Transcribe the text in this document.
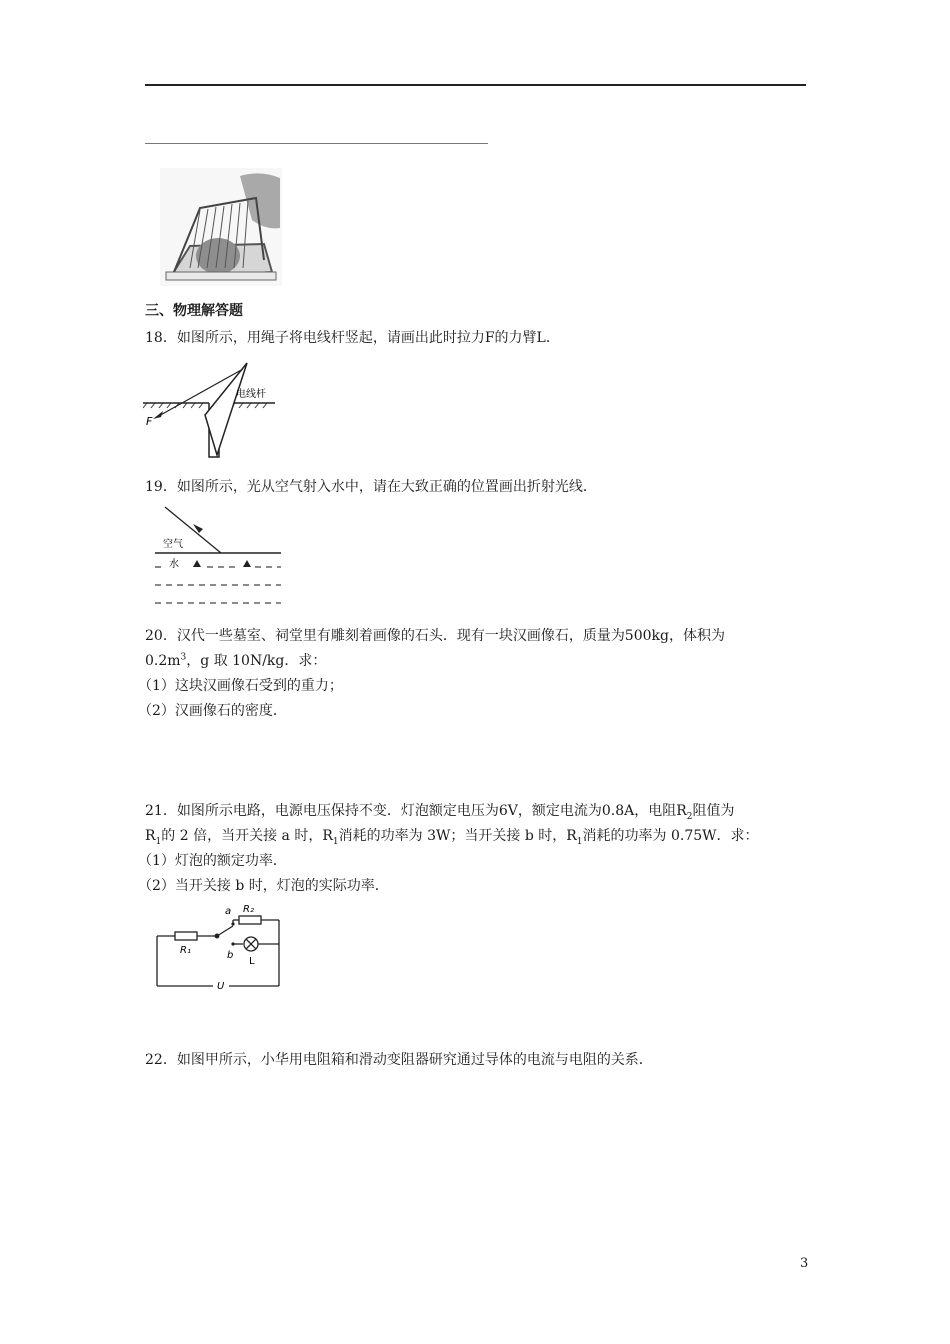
三、物理解答题
18．如图所示，用绳子将电线杆竖起，请画出此时拉力F的力臂L．
F
电线杆
19．如图所示，光从空气射入水中，请在大致正确的位置画出折射光线．
空气
水
20．汉代一些墓室、祠堂里有雕刻着画像的石头．现有一块汉画像石，质量为500kg，体积为
$0.2m^3$，g 取 10N/kg．求：
（1）这块汉画像石受到的重力；
（2）汉画像石的密度．
21．如图所示电路，电源电压保持不变．灯泡额定电压为6V，额定电流为0.8A，电阻$R_2$阻值为
$R_1$的 2 倍，当开关接 a 时，$R_1$消耗的功率为 3W；当开关接 b 时，$R_1$消耗的功率为 0.75W．求：
（1）灯泡的额定功率．
（2）当开关接 b 时，灯泡的实际功率．
a R₂
R₁	b
L
U
22．如图甲所示，小华用电阻箱和滑动变阻器研究通过导体的电流与电阻的关系．
3
